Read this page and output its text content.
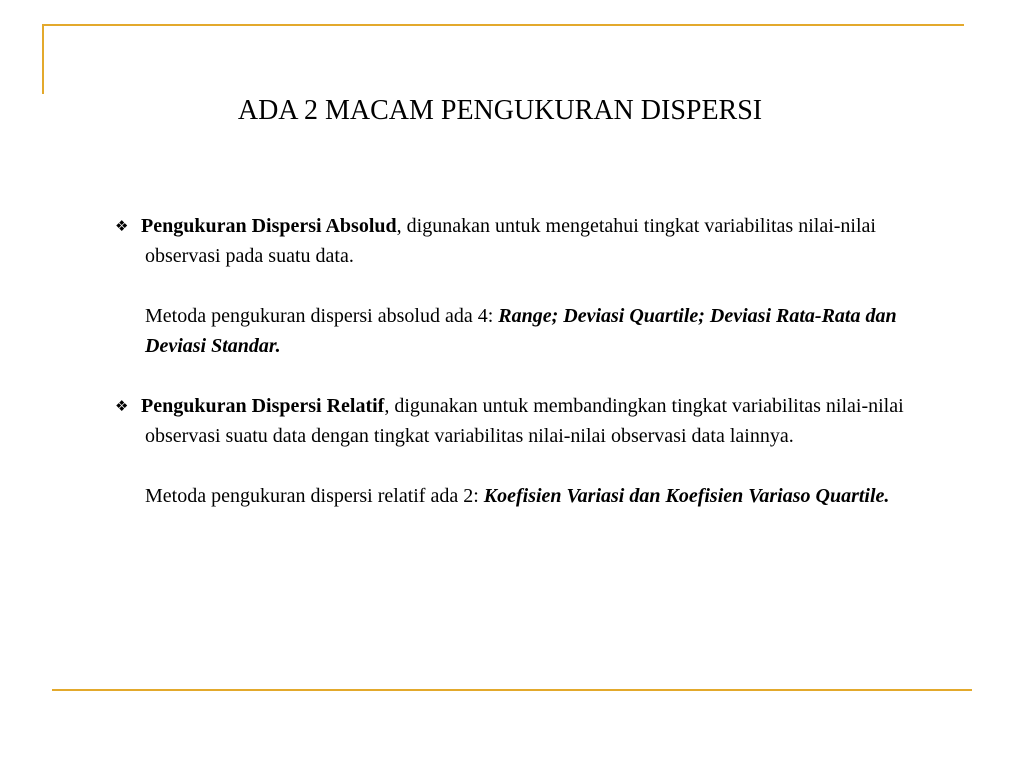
ADA 2 MACAM PENGUKURAN DISPERSI
❖ Pengukuran Dispersi Absolud, digunakan untuk mengetahui tingkat variabilitas nilai-nilai observasi pada suatu data.
Metoda pengukuran dispersi absolud ada 4: Range; Deviasi Quartile; Deviasi Rata-Rata dan Deviasi Standar.
❖ Pengukuran Dispersi Relatif, digunakan untuk membandingkan tingkat variabilitas nilai-nilai observasi suatu data dengan tingkat variabilitas nilai-nilai observasi data lainnya.
Metoda pengukuran dispersi relatif ada 2: Koefisien Variasi dan Koefisien Variaso Quartile.
